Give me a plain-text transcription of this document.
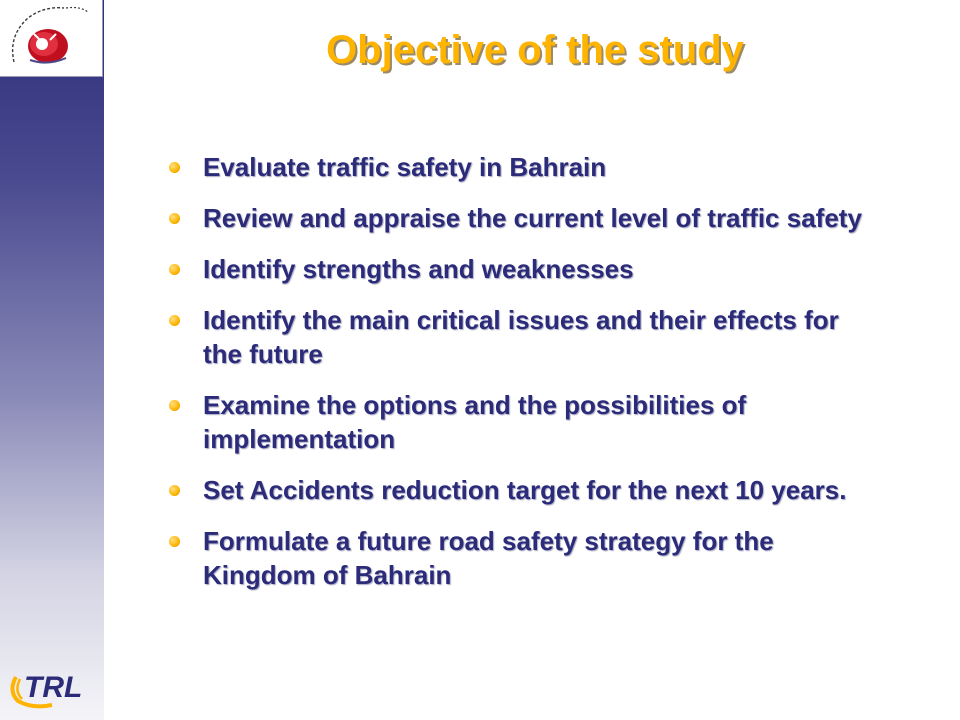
Objective of the study
Evaluate traffic safety in Bahrain
Review and appraise the current level of traffic safety
Identify strengths and weaknesses
Identify the main critical issues and their effects for the future
Examine the options and the possibilities of implementation
Set Accidents reduction target for the next 10 years.
Formulate a future road safety strategy for the Kingdom of Bahrain
TRL
